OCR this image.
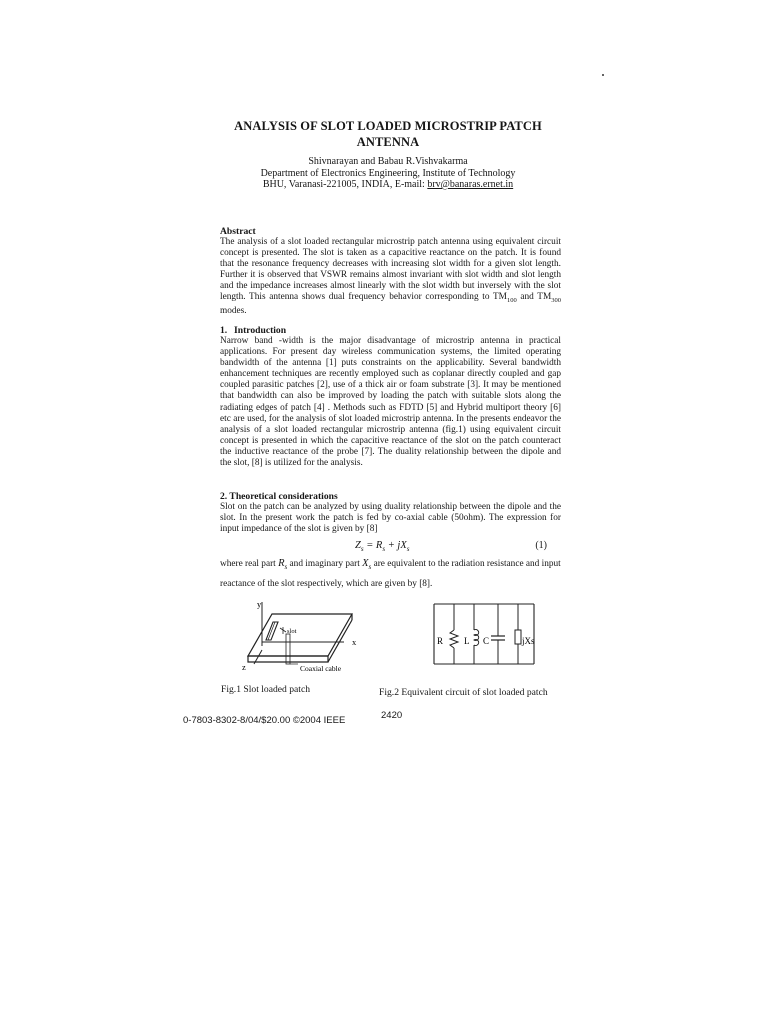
ANALYSIS OF SLOT LOADED MICROSTRIP PATCH
ANTENNA
Shivnarayan and Babau R.Vishvakarma
Department of Electronics Engineering, Institute of Technology
BHU, Varanasi-221005, INDIA, E-mail: brv@banaras.ernet.in
Abstract
The analysis of a slot loaded rectangular microstrip patch antenna using equivalent circuit concept is presented. The slot is taken as a capacitive reactance on the patch. It is found that the resonance frequency decreases with increasing slot width for a given slot length. Further it is observed that VSWR remains almost invariant with slot width and slot length and the impedance increases almost linearly with the slot width but inversely with the slot length. This antenna shows dual frequency behavior corresponding to $TM_{100}$ and $TM_{300}$ modes.
1. Introduction
Narrow band -width is the major disadvantage of microstrip antenna in practical applications. For present day wireless communication systems, the limited operating bandwidth of the antenna [1] puts constraints on the applicability. Several bandwidth enhancement techniques are recently employed such as coplanar directly coupled and gap coupled parasitic patches [2], use of a thick air or foam substrate [3]. It may be mentioned that bandwidth can also be improved by loading the patch with suitable slots along the radiating edges of patch [4] . Methods such as FDTD [5] and Hybrid multiport theory [6] etc are used, for the analysis of slot loaded microstrip antenna. In the presents endeavor the analysis of a slot loaded rectangular microstrip antenna (fig.1) using equivalent circuit concept is presented in which the capacitive reactance of the slot on the patch counteract the inductive reactance of the probe [7]. The duality relationship between the dipole and the slot, [8] is utilized for the analysis.
2. Theoretical considerations
Slot on the patch can be analyzed by using duality relationship between the dipole and the slot. In the present work the patch is fed by co-axial cable (50ohm). The expression for input impedance of the slot is given by [8]
$Z_s = R_s + jX_s$	(1)
where real part $R_s$ and imaginary part $X_s$ are equivalent to the radiation resistance and input reactance of the slot respectively, which are given by [8].
y
x
z
slot
Coaxial cable
Fig.1 Slot loaded patch
R L C	jXs
Fig.2 Equivalent circuit of slot loaded patch
0-7803-8302-8/04/$20.00 ©2004 IEEE	2420
